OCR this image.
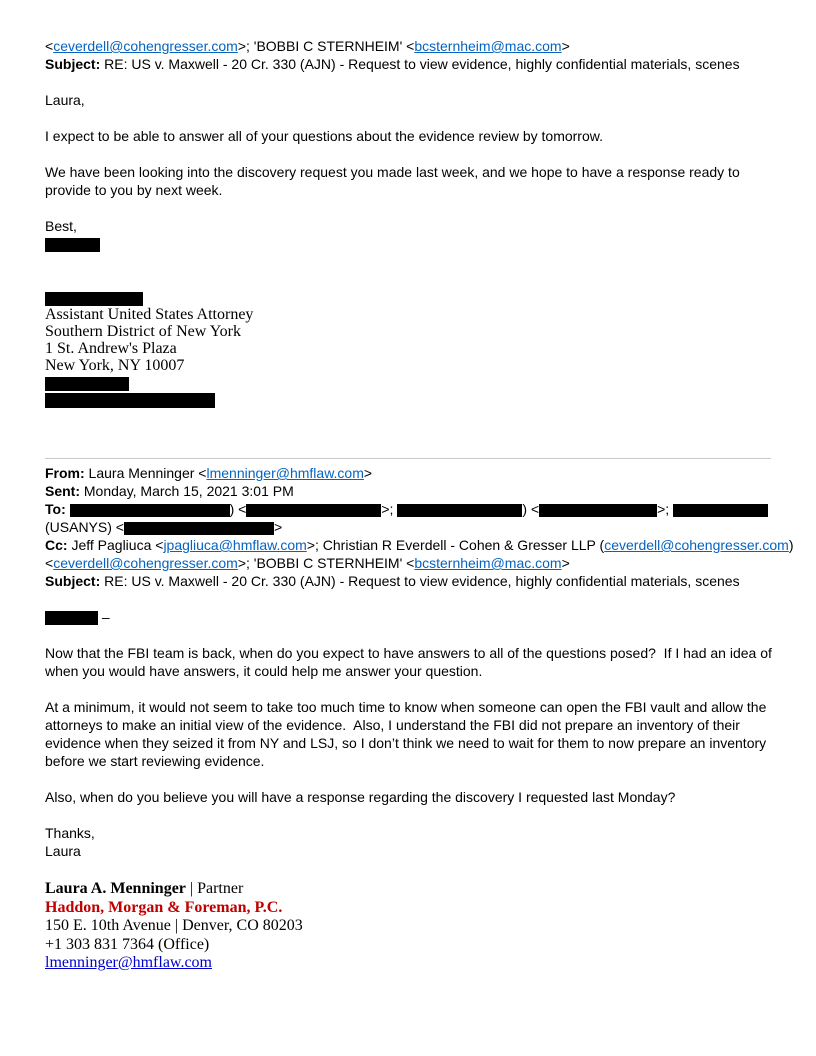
<ceverdell@cohengresser.com>; 'BOBBI C STERNHEIM' <bcsternheim@mac.com>
Subject: RE: US v. Maxwell - 20 Cr. 330 (AJN) - Request to view evidence, highly confidential materials, scenes
Laura,
I expect to be able to answer all of your questions about the evidence review by tomorrow.
We have been looking into the discovery request you made last week, and we hope to have a response ready to provide to you by next week.
Best,
Assistant United States Attorney
Southern District of New York
1 St. Andrew's Plaza
New York, NY 10007
From: Laura Menninger <lmenninger@hmflaw.com>
Sent: Monday, March 15, 2021 3:01 PM
To:	) <	>;	) <	>;
(USANYS) <	>
Cc: Jeff Pagliuca <jpagliuca@hmflaw.com>; Christian R Everdell - Cohen & Gresser LLP (ceverdell@cohengresser.com)
<ceverdell@cohengresser.com>; 'BOBBI C STERNHEIM' <bcsternheim@mac.com>
Subject: RE: US v. Maxwell - 20 Cr. 330 (AJN) - Request to view evidence, highly confidential materials, scenes
–
Now that the FBI team is back, when do you expect to have answers to all of the questions posed?  If I had an idea of when you would have answers, it could help me answer your question.
At a minimum, it would not seem to take too much time to know when someone can open the FBI vault and allow the attorneys to make an initial view of the evidence.  Also, I understand the FBI did not prepare an inventory of their evidence when they seized it from NY and LSJ, so I don’t think we need to wait for them to now prepare an inventory before we start reviewing evidence.
Also, when do you believe you will have a response regarding the discovery I requested last Monday?
Thanks,
Laura
Laura A. Menninger | Partner
Haddon, Morgan & Foreman, P.C.
150 E. 10th Avenue | Denver, CO 80203
+1 303 831 7364 (Office)
lmenninger@hmflaw.com
